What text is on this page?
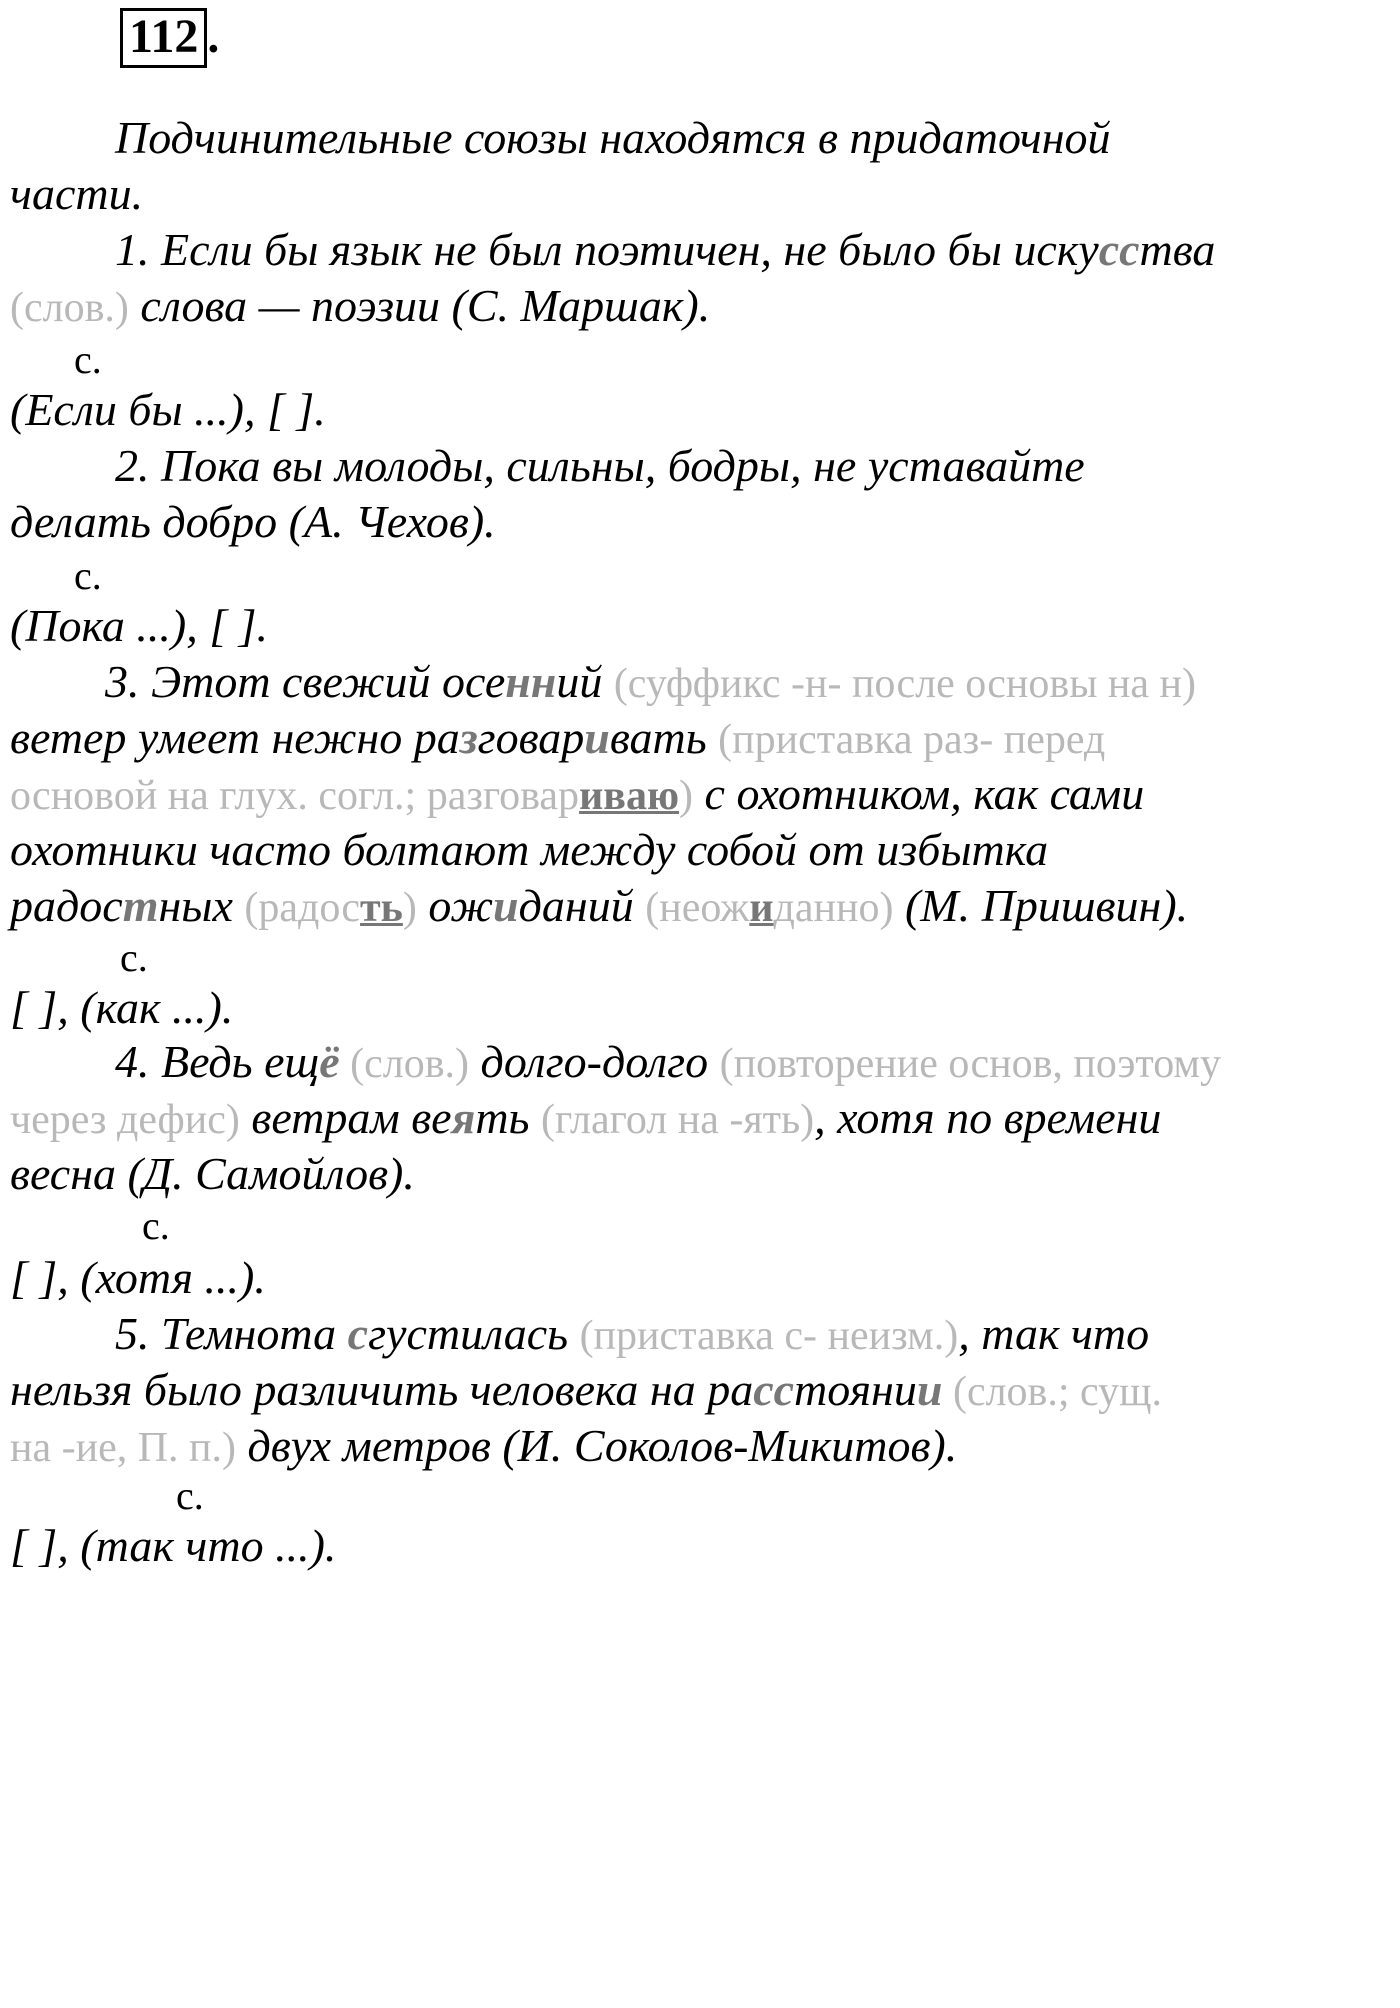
112 .
Подчинительные союзы находятся в придаточной
части.
1. Если бы язык не был поэтичен, не было бы искусства
(слов.) слова — поэзии (С. Маршак).
с.
(Если бы ...), [ ].
2. Пока вы молоды, сильны, бодры, не уставайте
делать добро (А. Чехов).
с.
(Пока ...), [ ].
3. Этот свежий осенний (суффикс -н- после основы на н)
ветер умеет нежно разговаривать (приставка раз- перед
основой на глух. согл.; разговариваю) с охотником, как сами
охотники часто болтают между собой от избытка
радостных (радость) ожиданий (неожиданно) (М. Пришвин).
с.
[ ], (как ...).
4. Ведь ещё (слов.) долго-долго (повторение основ, поэтому
через дефис) ветрам веять (глагол на -ять), хотя по времени
весна (Д. Самойлов).
с.
[ ], (хотя ...).
5. Темнота сгустилась (приставка с- неизм.), так что
нельзя было различить человека на расстоянии (слов.; сущ.
на -ие, П. п.) двух метров (И. Соколов-Микитов).
с.
[ ], (так что ...).
